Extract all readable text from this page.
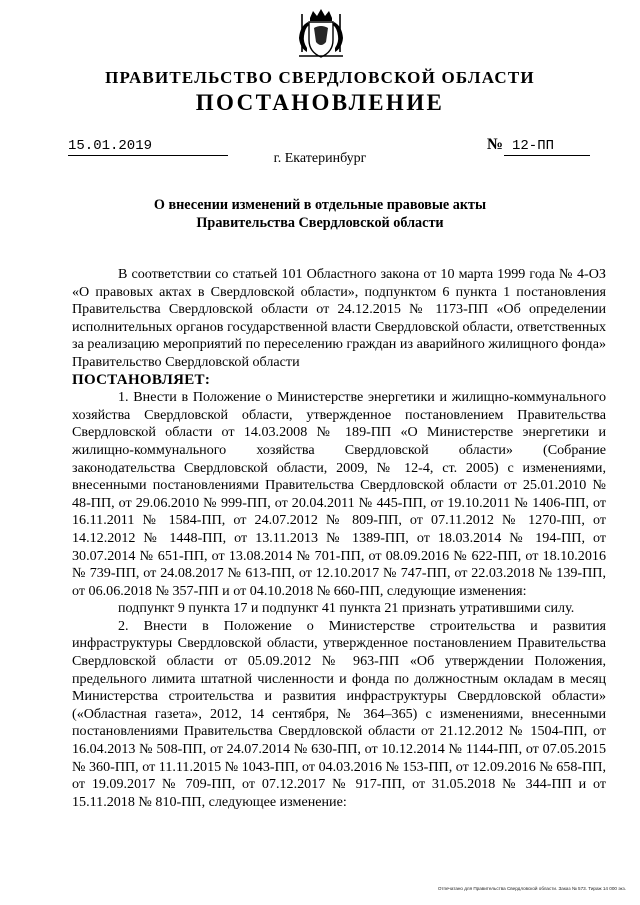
ПРАВИТЕЛЬСТВО СВЕРДЛОВСКОЙ ОБЛАСТИ
ПОСТАНОВЛЕНИЕ
15.01.2019	№ 12-ПП
г. Екатеринбург
О внесении изменений в отдельные правовые акты
Правительства Свердловской области

В соответствии со статьей 101 Областного закона от 10 марта 1999 года № 4-ОЗ «О правовых актах в Свердловской области», подпунктом 6 пункта 1 постановления Правительства Свердловской области от 24.12.2015 № 1173-ПП «Об определении исполнительных органов государственной власти Свердловской области, ответственных за реализацию мероприятий по переселению граждан из аварийного жилищного фонда» Правительство Свердловской области

ПОСТАНОВЛЯЕТ:

1. Внести в Положение о Министерстве энергетики и жилищно-коммунального хозяйства Свердловской области, утвержденное постановлением Правительства Свердловской области от 14.03.2008 № 189-ПП «О Министерстве энергетики и жилищно-коммунального хозяйства Свердловской области» (Собрание законодательства Свердловской области, 2009, № 12-4, ст. 2005) с изменениями, внесенными постановлениями Правительства Свердловской области от 25.01.2010 № 48-ПП, от 29.06.2010 № 999-ПП, от 20.04.2011 № 445-ПП, от 19.10.2011 № 1406-ПП, от 16.11.2011 № 1584-ПП, от 24.07.2012 № 809-ПП, от 07.11.2012 № 1270-ПП, от 14.12.2012 № 1448-ПП, от 13.11.2013 № 1389-ПП, от 18.03.2014 № 194-ПП, от 30.07.2014 № 651-ПП, от 13.08.2014 № 701-ПП, от 08.09.2016 № 622-ПП, от 18.10.2016 № 739-ПП, от 24.08.2017 № 613-ПП, от 12.10.2017 № 747-ПП, от 22.03.2018 № 139-ПП, от 06.06.2018 № 357-ПП и от 04.10.2018 № 660-ПП, следующие изменения:

подпункт 9 пункта 17 и подпункт 41 пункта 21 признать утратившими силу.

2. Внести в Положение о Министерстве строительства и развития инфраструктуры Свердловской области, утвержденное постановлением Правительства Свердловской области от 05.09.2012 № 963-ПП «Об утверждении Положения, предельного лимита штатной численности и фонда по должностным окладам в месяц Министерства строительства и развития инфраструктуры Свердловской области» («Областная газета», 2012, 14 сентября, № 364–365) с изменениями, внесенными постановлениями Правительства Свердловской области от 21.12.2012 № 1504-ПП, от 16.04.2013 № 508-ПП, от 24.07.2014 № 630-ПП, от 10.12.2014 № 1144-ПП, от 07.05.2015 № 360-ПП, от 11.11.2015 № 1043-ПП, от 04.03.2016 № 153-ПП, от 12.09.2016 № 658-ПП, от 19.09.2017 № 709-ПП, от 07.12.2017 № 917-ПП, от 31.05.2018 № 344-ПП и от 15.11.2018 № 810-ПП, следующее изменение:

Отпечатано для Правительства Свердловской области. Заказ № 573. Тираж 14 000 экз.
